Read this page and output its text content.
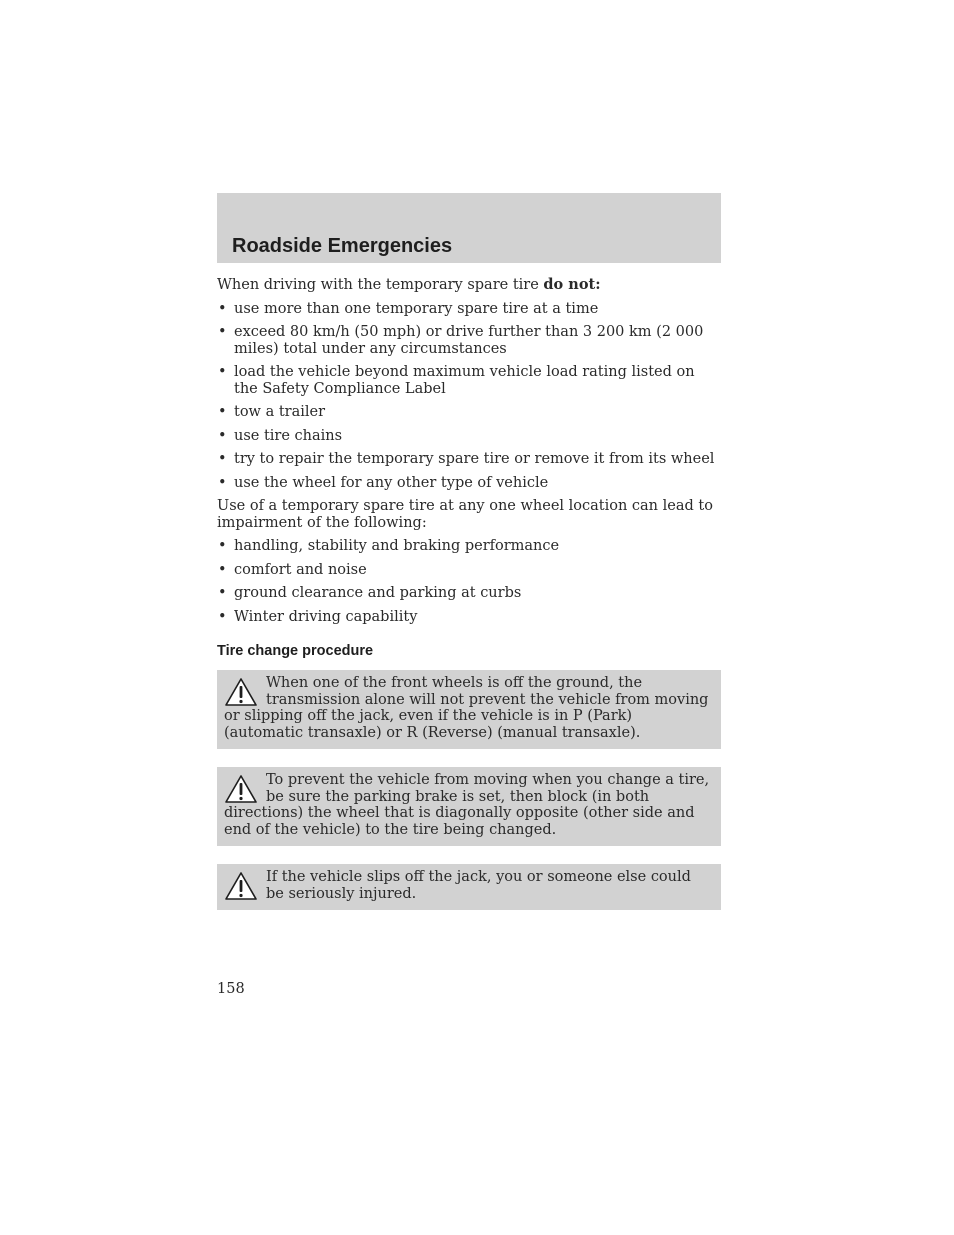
Roadside Emergencies

When driving with the temporary spare tire do not:

• use more than one temporary spare tire at a time
• exceed 80 km/h (50 mph) or drive further than 3 200 km (2 000 miles) total under any circumstances
• load the vehicle beyond maximum vehicle load rating listed on the Safety Compliance Label
• tow a trailer
• use tire chains
• try to repair the temporary spare tire or remove it from its wheel
• use the wheel for any other type of vehicle

Use of a temporary spare tire at any one wheel location can lead to impairment of the following:

• handling, stability and braking performance
• comfort and noise
• ground clearance and parking at curbs
• Winter driving capability
Tire change procedure
When one of the front wheels is off the ground, the transmission alone will not prevent the vehicle from moving or slipping off the jack, even if the vehicle is in P (Park) (automatic transaxle) or R (Reverse) (manual transaxle).
To prevent the vehicle from moving when you change a tire, be sure the parking brake is set, then block (in both directions) the wheel that is diagonally opposite (other side and end of the vehicle) to the tire being changed.
If the vehicle slips off the jack, you or someone else could be seriously injured.
158
